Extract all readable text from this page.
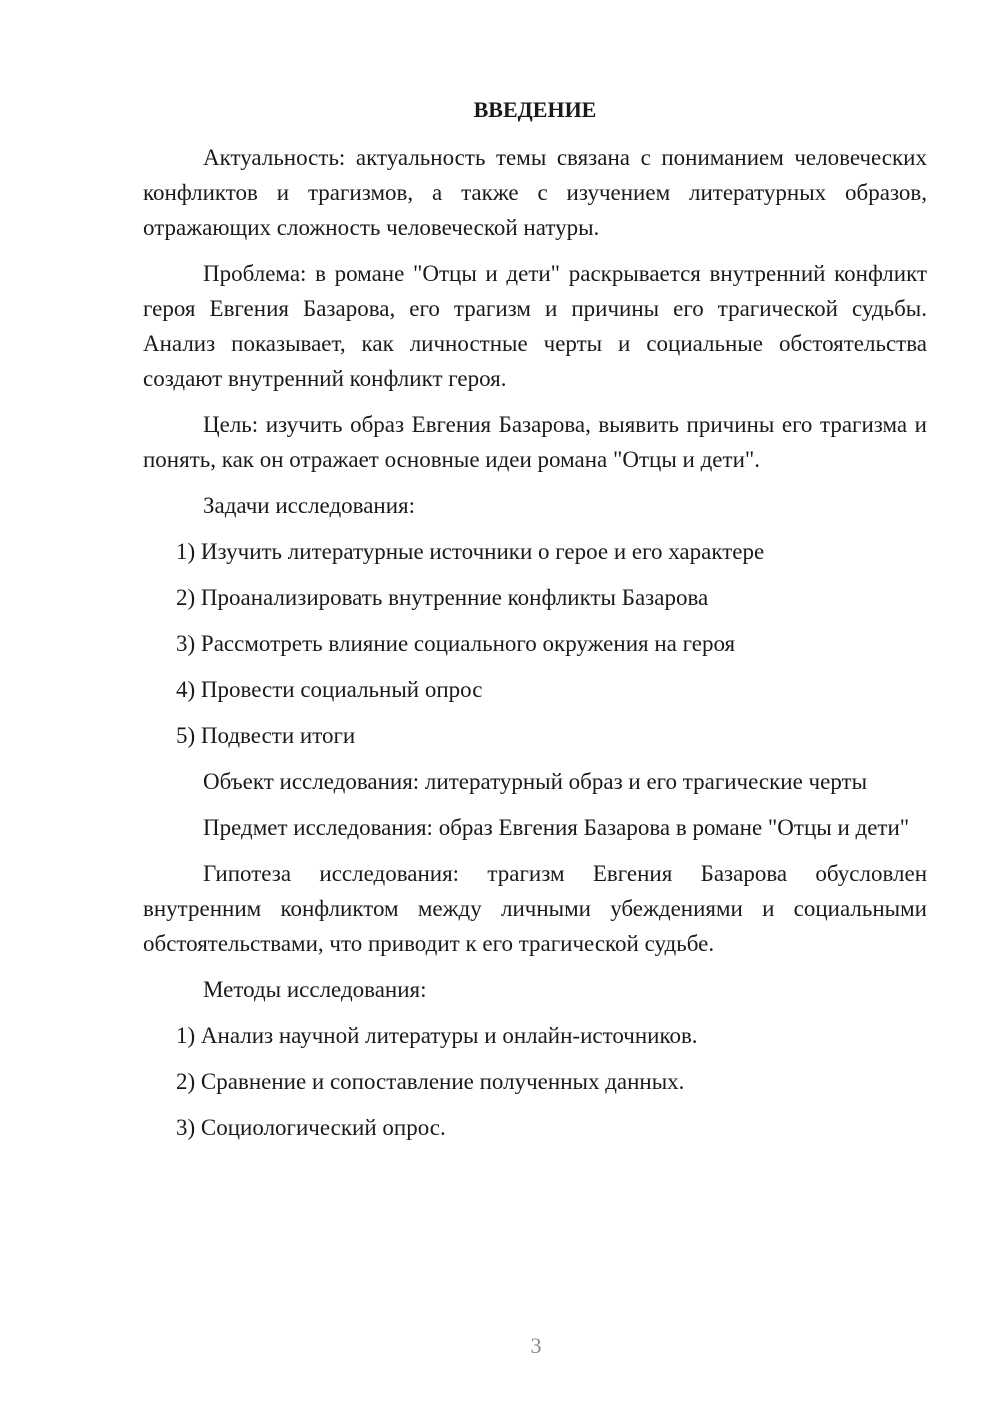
ВВЕДЕНИЕ

Актуальность: актуальность темы связана с пониманием человеческих конфликтов и трагизмов, а также с изучением литературных образов, отражающих сложность человеческой натуры.

Проблема: в романе "Отцы и дети" раскрывается внутренний конфликт героя Евгения Базарова, его трагизм и причины его трагической судьбы. Анализ показывает, как личностные черты и социальные обстоятельства создают внутренний конфликт героя.

Цель: изучить образ Евгения Базарова, выявить причины его трагизма и понять, как он отражает основные идеи романа "Отцы и дети".

Задачи исследования:

1) Изучить литературные источники о герое и его характере

2) Проанализировать внутренние конфликты Базарова

3) Рассмотреть влияние социального окружения на героя

4) Провести социальный опрос

5) Подвести итоги

Объект исследования: литературный образ и его трагические черты

Предмет исследования: образ Евгения Базарова в романе "Отцы и дети"

Гипотеза исследования: трагизм Евгения Базарова обусловлен внутренним конфликтом между личными убеждениями и социальными обстоятельствами, что приводит к его трагической судьбе.

Методы исследования:

1) Анализ научной литературы и онлайн-источников.

2) Сравнение и сопоставление полученных данных.

3) Социологический опрос.

3
